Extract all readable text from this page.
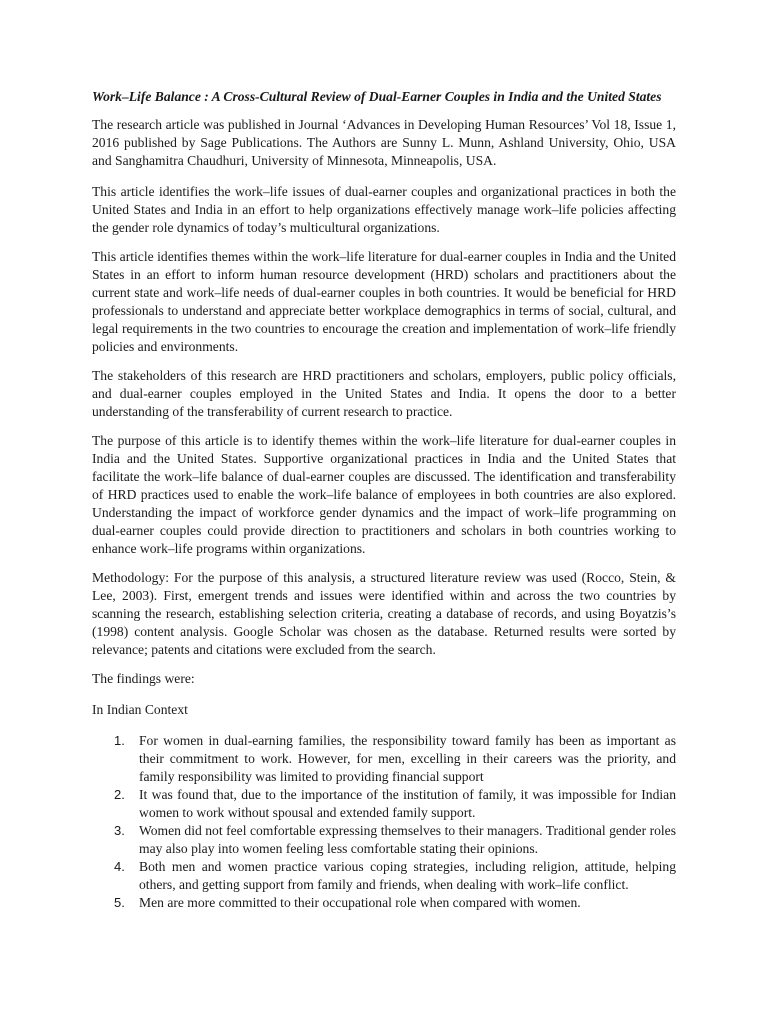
Work–Life Balance : A Cross-Cultural Review of Dual-Earner Couples in India and the United States

The research article was published in Journal ‘Advances in Developing Human Resources’ Vol 18, Issue 1, 2016 published by Sage Publications. The Authors are Sunny L. Munn, Ashland University, Ohio, USA and Sanghamitra Chaudhuri, University of Minnesota, Minneapolis, USA.

This article identifies the work–life issues of dual-earner couples and organizational practices in both the United States and India in an effort to help organizations effectively manage work–life policies affecting the gender role dynamics of today’s multicultural organizations.

This article identifies themes within the work–life literature for dual-earner couples in India and the United States in an effort to inform human resource development (HRD) scholars and practitioners about the current state and work–life needs of dual-earner couples in both countries. It would be beneficial for HRD professionals to understand and appreciate better workplace demographics in terms of social, cultural, and legal requirements in the two countries to encourage the creation and implementation of work–life friendly policies and environments.

The stakeholders of this research are HRD practitioners and scholars, employers, public policy officials, and dual-earner couples employed in the United States and India. It opens the door to a better understanding of the transferability of current research to practice.

The purpose of this article is to identify themes within the work–life literature for dual-earner couples in India and the United States. Supportive organizational practices in India and the United States that facilitate the work–life balance of dual-earner couples are discussed. The identification and transferability of HRD practices used to enable the work–life balance of employees in both countries are also explored. Understanding the impact of workforce gender dynamics and the impact of work–life programming on dual-earner couples could provide direction to practitioners and scholars in both countries working to enhance work–life programs within organizations.

Methodology: For the purpose of this analysis, a structured literature review was used (Rocco, Stein, & Lee, 2003). First, emergent trends and issues were identified within and across the two countries by scanning the research, establishing selection criteria, creating a database of records, and using Boyatzis’s (1998) content analysis. Google Scholar was chosen as the database. Returned results were sorted by relevance; patents and citations were excluded from the search.

The findings were:

In Indian Context

1. For women in dual-earning families, the responsibility toward family has been as important as their commitment to work. However, for men, excelling in their careers was the priority, and family responsibility was limited to providing financial support
2. It was found that, due to the importance of the institution of family, it was impossible for Indian women to work without spousal and extended family support.
3. Women did not feel comfortable expressing themselves to their managers. Traditional gender roles may also play into women feeling less comfortable stating their opinions.
4. Both men and women practice various coping strategies, including religion, attitude, helping others, and getting support from family and friends, when dealing with work–life conflict.
5. Men are more committed to their occupational role when compared with women.
